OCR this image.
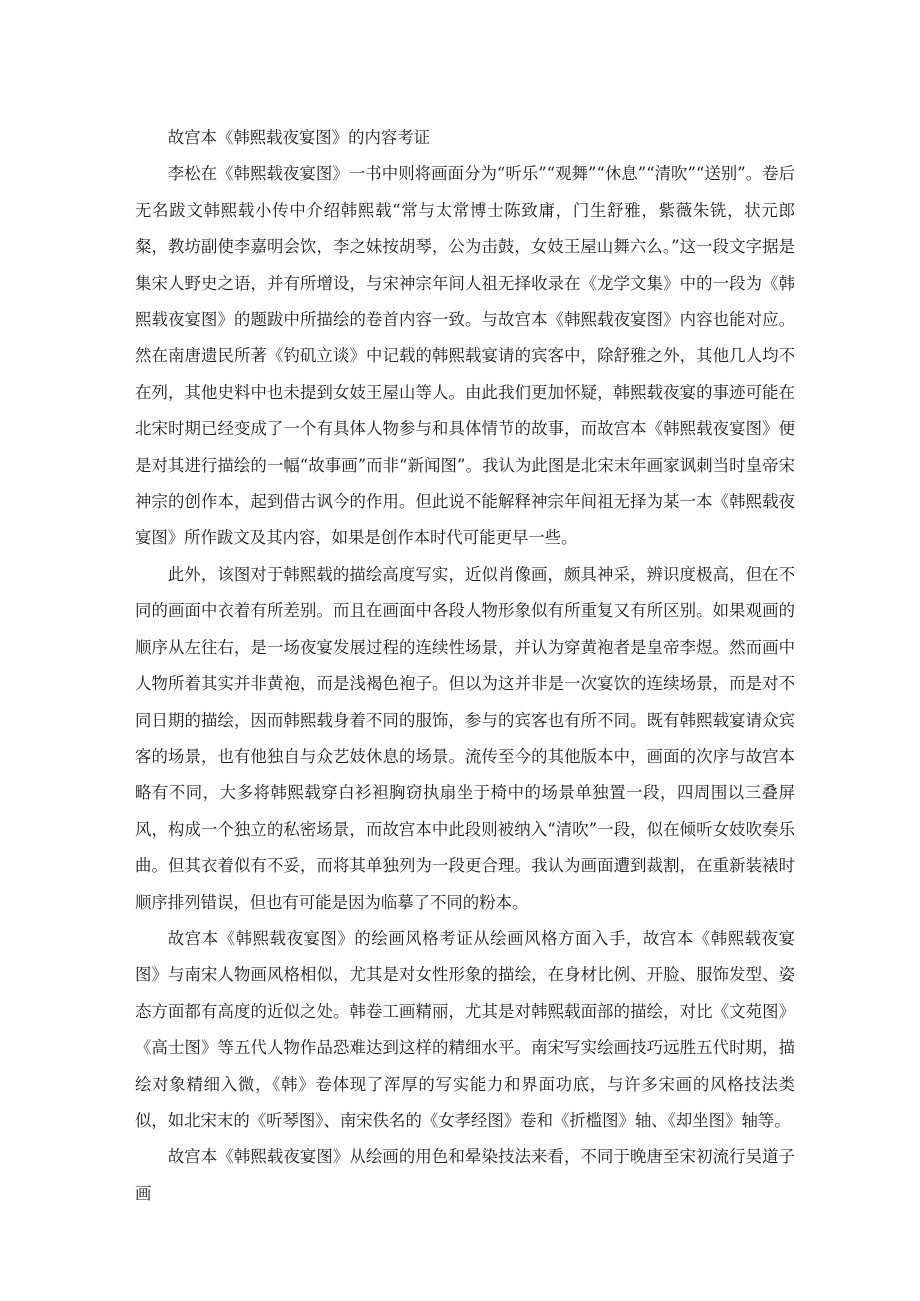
故宫本《韩熙载夜宴图》的内容考证

李松在《韩熙载夜宴图》一书中则将画面分为“听乐”“观舞”“休息”“清吹”“送别”。卷后无名跋文韩熙载小传中介绍韩熙载“常与太常博士陈致庸，门生舒雅，紫薇朱铣，状元郎粲，教坊副使李嘉明会饮，李之妹按胡琴，公为击鼓，女妓王屋山舞六么。”这一段文字据是集宋人野史之语，并有所增设，与宋神宗年间人祖无择收录在《龙学文集》中的一段为《韩熙载夜宴图》的题跋中所描绘的卷首内容一致。与故宫本《韩熙载夜宴图》内容也能对应。然在南唐遗民所著《钓矶立谈》中记载的韩熙载宴请的宾客中，除舒雅之外，其他几人均不在列，其他史料中也未提到女妓王屋山等人。由此我们更加怀疑，韩熙载夜宴的事迹可能在北宋时期已经变成了一个有具体人物参与和具体情节的故事，而故宫本《韩熙载夜宴图》便是对其进行描绘的一幅“故事画”而非“新闻图”。我认为此图是北宋末年画家讽刺当时皇帝宋神宗的创作本，起到借古讽今的作用。但此说不能解释神宗年间祖无择为某一本《韩熙载夜宴图》所作跋文及其内容，如果是创作本时代可能更早一些。

此外，该图对于韩熙载的描绘高度写实，近似肖像画，颇具神采，辨识度极高，但在不同的画面中衣着有所差别。而且在画面中各段人物形象似有所重复又有所区别。如果观画的顺序从左往右，是一场夜宴发展过程的连续性场景，并认为穿黄袍者是皇帝李煜。然而画中人物所着其实并非黄袍，而是浅褐色袍子。但以为这并非是一次宴饮的连续场景，而是对不同日期的描绘，因而韩熙载身着不同的服饰，参与的宾客也有所不同。既有韩熙载宴请众宾客的场景，也有他独自与众艺妓休息的场景。流传至今的其他版本中，画面的次序与故宫本略有不同，大多将韩熙载穿白衫袒胸窃执扇坐于椅中的场景单独置一段，四周围以三叠屏风，构成一个独立的私密场景，而故宫本中此段则被纳入“清吹”一段，似在倾听女妓吹奏乐曲。但其衣着似有不妥，而将其单独列为一段更合理。我认为画面遭到裁割，在重新装裱时顺序排列错误，但也有可能是因为临摹了不同的粉本。

故宫本《韩熙载夜宴图》的绘画风格考证从绘画风格方面入手，故宫本《韩熙载夜宴图》与南宋人物画风格相似，尤其是对女性形象的描绘，在身材比例、开脸、服饰发型、姿态方面都有高度的近似之处。韩卷工画精丽，尤其是对韩熙载面部的描绘，对比《文苑图》《高士图》等五代人物作品恐难达到这样的精细水平。南宋写实绘画技巧远胜五代时期，描绘对象精细入微，《韩》卷体现了浑厚的写实能力和界面功底，与许多宋画的风格技法类似，如北宋末的《听琴图》、南宋佚名的《女孝经图》卷和《折槛图》轴、《却坐图》轴等。

故宫本《韩熙载夜宴图》从绘画的用色和晕染技法来看，不同于晚唐至宋初流行吴道子画
